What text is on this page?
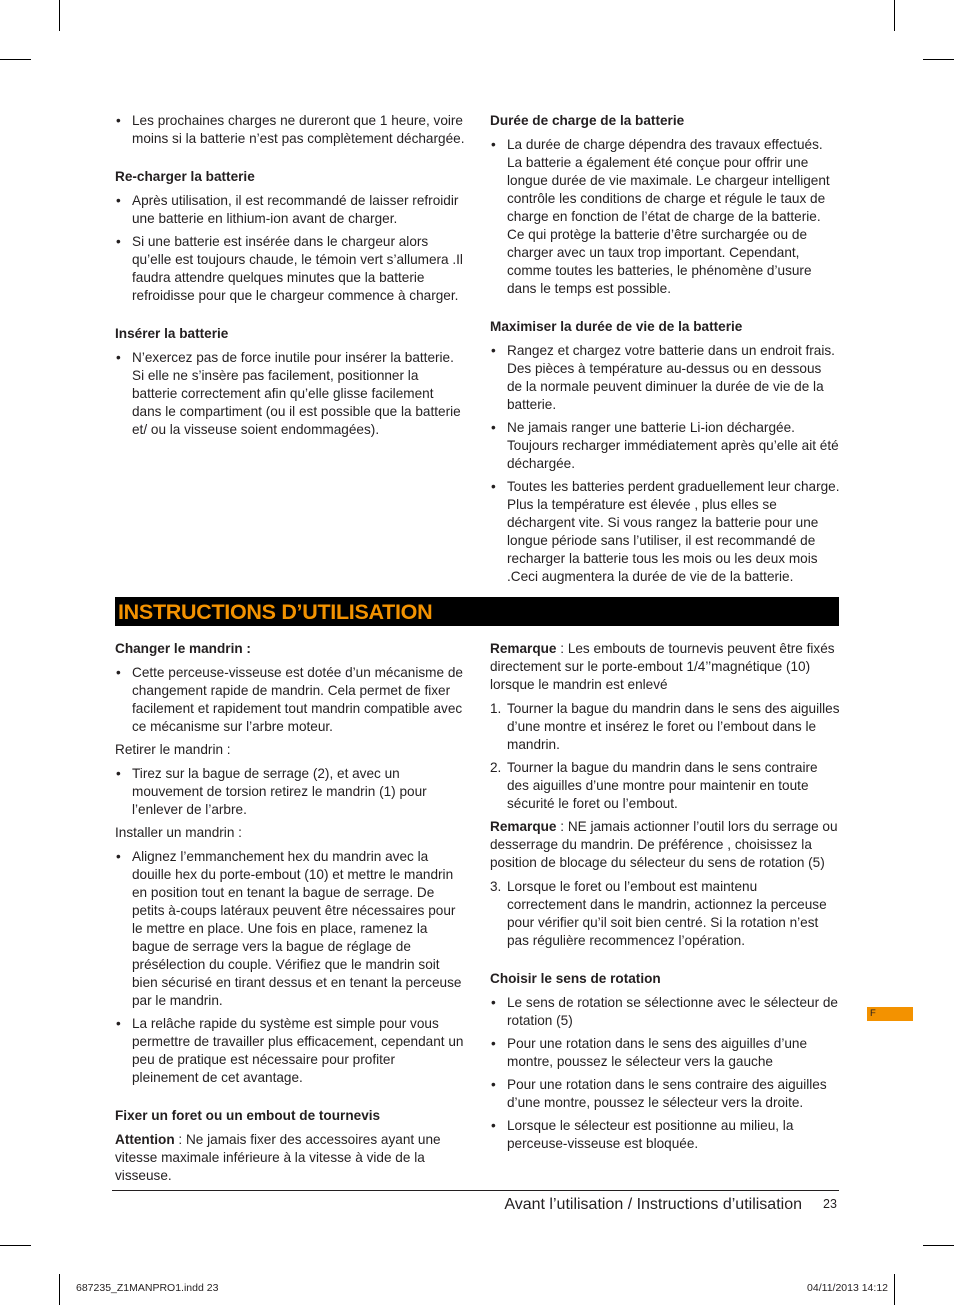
• Les prochaines charges ne dureront que 1 heure, voire moins si la batterie n’est pas complètement déchargée.

Re-charger la batterie

• Après utilisation, il est recommandé de laisser refroidir une batterie en lithium-ion avant de charger.
• Si une batterie est insérée dans le chargeur alors qu’elle est toujours chaude, le témoin vert s’allumera .Il faudra attendre quelques minutes que la batterie refroidisse pour que le chargeur commence à charger.

Insérer la batterie

• N’exercez pas de force inutile pour insérer la batterie. Si elle ne s’insère pas facilement, positionner la batterie correctement afin qu’elle glisse facilement dans le compartiment (ou il est possible que la batterie et/ ou la visseuse soient endommagées).

Durée de charge de la batterie

• La durée de charge dépendra des travaux effectués. La batterie a également été conçue pour offrir une longue durée de vie maximale. Le chargeur intelligent contrôle les conditions de charge et régule le taux de charge en fonction de l’état de charge de la batterie. Ce qui protège la batterie d’être surchargée ou de charger avec un taux trop important. Cependant, comme toutes les batteries, le phénomène d’usure dans le temps est possible.

Maximiser la durée de vie de la batterie

• Rangez et chargez votre batterie dans un endroit frais. Des pièces à température au-dessus ou en dessous de la normale peuvent diminuer la durée de vie de la batterie.
• Ne jamais ranger une batterie Li-ion déchargée. Toujours recharger immédiatement après qu’elle ait été déchargée.
• Toutes les batteries perdent graduellement leur charge. Plus la température est élevée , plus elles se déchargent vite. Si vous rangez la batterie pour une longue période sans l’utiliser, il est recommandé de recharger la batterie tous les mois ou les deux mois .Ceci augmentera la durée de vie de la batterie.
INSTRUCTIONS D’UTILISATION

Changer le mandrin :

• Cette perceuse-visseuse est dotée d’un mécanisme de changement rapide de mandrin. Cela permet de fixer facilement et rapidement tout mandrin compatible avec ce mécanisme sur l’arbre moteur.

Retirer le mandrin :

• Tirez sur la bague de serrage (2), et avec un mouvement de torsion retirez le mandrin (1) pour l’enlever de l’arbre.

Installer un mandrin :

• Alignez l’emmanchement hex du mandrin avec la douille hex du porte-embout (10) et mettre le mandrin en position tout en tenant la bague de serrage. De petits à-coups latéraux peuvent être nécessaires pour le mettre en place. Une fois en place, ramenez la bague de serrage vers la bague de réglage de présélection du couple. Vérifiez que le mandrin soit bien sécurisé en tirant dessus et en tenant la perceuse par le mandrin.
• La relâche rapide du système est simple pour vous permettre de travailler plus efficacement, cependant un peu de pratique est nécessaire pour profiter pleinement de cet avantage.

Fixer un foret ou un embout de tournevis

Attention : Ne jamais fixer des accessoires ayant une vitesse maximale inférieure à la vitesse à vide de la visseuse.

Remarque : Les embouts de tournevis peuvent être fixés directement sur le porte-embout 1/4’’magnétique (10) lorsque le mandrin est enlevé

1. Tourner la bague du mandrin dans le sens des aiguilles d’une montre et insérez le foret ou l’embout dans le mandrin.
2. Tourner la bague du mandrin dans le sens contraire des aiguilles d’une montre pour maintenir en toute sécurité le foret ou l’embout.

Remarque : NE jamais actionner l’outil lors du serrage ou desserrage du mandrin. De préférence , choisissez la position de blocage du sélecteur du sens de rotation (5)

3. Lorsque le foret ou l’embout est maintenu correctement dans le mandrin, actionnez la perceuse pour vérifier qu’il soit bien centré. Si la rotation n’est pas régulière recommencez l’opération.

Choisir le sens de rotation

• Le sens de rotation se sélectionne avec le sélecteur de rotation (5)
• Pour une rotation dans le sens des aiguilles d’une montre, poussez le sélecteur vers la gauche
• Pour une rotation dans le sens contraire des aiguilles d’une montre, poussez le sélecteur vers la droite.
• Lorsque le sélecteur est positionne au milieu, la perceuse-visseuse est bloquée.
F
Avant l’utilisation / Instructions d’utilisation 23
687235_Z1MANPRO1.indd 23	04/11/2013 14:12
